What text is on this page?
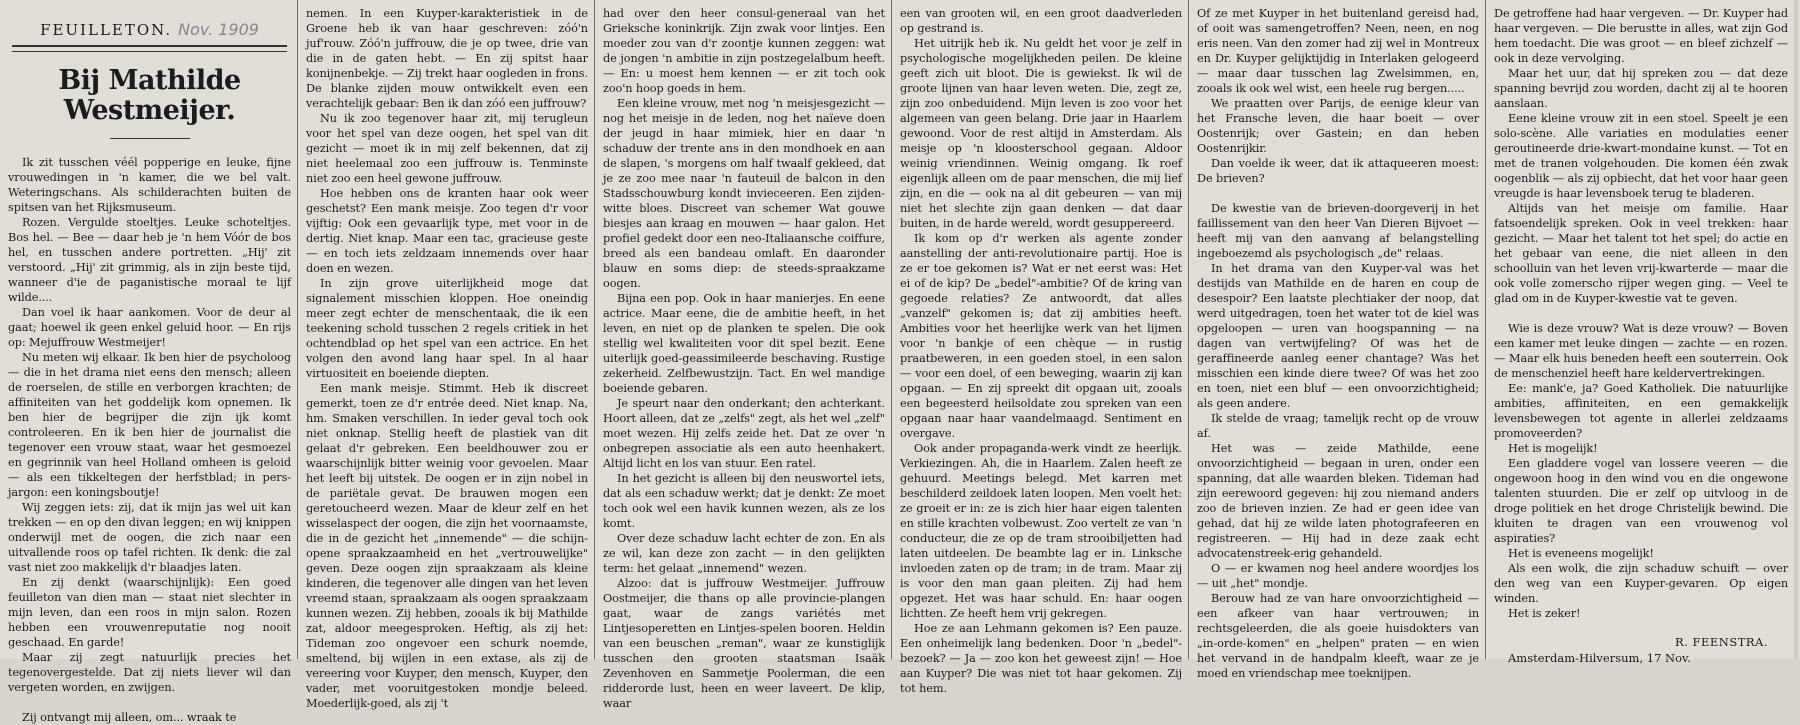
FEUILLETON. Nov. 1909
Bij Mathilde Westmeijer.

Ik zit tusschen véél popperige en leuke, fijne vrouwedingen in 'n kamer, die we bel valt. Weteringschans. Als schilderachten buiten de spitsen van het Rijksmuseum.

Rozen. Vergulde stoeltjes. Leuke schoteltjes. Bos hel. — Bee — daar heb je 'n hem Vóór de bos hel, en tusschen andere portretten. „Hij' zit verstoord. „Hij' zit grimmig, als in zijn beste tijd, wanneer d'ie de paganistische moraal te lijf wilde....

Dan voel ik haar aankomen. Voor de deur al gaat; hoewel ik geen enkel geluid hoor. — En rijs op: Mejuffrouw Westmeijer!

Nu meten wij elkaar. Ik ben hier de psycholoog — die in het drama niet eens den mensch; alleen de roerselen, de stille en verborgen krachten; de affiniteiten van het goddelijk kom opnemen. Ik ben hier de begrijper die zijn ijk komt controleeren. En ik ben hier de journalist die tegenover een vrouw staat, waar het gesmoezel en gegrinnik van heel Holland omheen is geloid — als een tikkeltegen der herfstblad; in pers-jargon: een koningsboutje!

Wij zeggen iets: zij, dat ik mijn jas wel uit kan trekken — en op den divan leggen; en wij knippen onderwijl met de oogen, die zich naar een uitvallende roos op tafel richten. Ik denk: die zal vast niet zoo makkelijk d'r blaadjes laten.

En zij denkt (waarschijnlijk): Een goed feuilleton van dien man — staat niet slechter in mijn leven, dan een roos in mijn salon. Rozen hebben een vrouwenreputatie nog nooit geschaad. En garde!

Maar zij zegt natuurlijk precies het tegenovergestelde. Dat zij niets liever wil dan vergeten worden, en zwijgen.

Zij ontvangt mij alleen, om... wraak te

nemen. In een Kuyper-karakteristiek in de Groene heb ik van haar geschreven: zóó'n juf'rouw. Zóó'n juffrouw, die je op twee, drie van die in de gaten hebt. — En zij spitst haar konijnenbekje. — Zij trekt haar oogleden in frons. De blanke zijden mouw ontwikkelt even een verachtelijk gebaar: Ben ik dan zóó een juffrouw?

Nu ik zoo tegenover haar zit, mij terugleun voor het spel van deze oogen, het spel van dit gezicht — moet ik in mij zelf bekennen, dat zij niet heelemaal zoo een juffrouw is. Tenminste niet zoo een heel gewone juffrouw.

Hoe hebben ons de kranten haar ook weer geschetst? Een mank meisje. Zoo tegen d'r voor vijftig: Ook een gevaarlijk type, met voor in de dertig. Niet knap. Maar een tac, gracieuse geste — en toch iets zeldzaam innemends over haar doen en wezen.

In zijn grove uiterlijkheid moge dat signalement misschien kloppen. Hoe oneindig meer zegt echter de menschentaak, die ik een teekening schold tusschen 2 regels critiek in het ochtendblad op het spel van een actrice. En het volgen den avond lang haar spel. In al haar virtuositeit en boeiende diepten.

Een mank meisje. Stimmt. Heb ik discreet gemerkt, toen ze d'r entrée deed. Niet knap. Na, hm. Smaken verschillen. In ieder geval toch ook niet onknap. Stellig heeft de plastiek van dit gelaat d'r gebreken. Een beeldhouwer zou er waarschijnlijk bitter weinig voor gevoelen. Maar het leeft bij uitstek. De oogen er in zijn nobel in de pariëtale gevat. De brauwen mogen een geretoucheerd wezen. Maar de kleur zelf en het wisselaspect der oogen, die zijn het voornaamste, die in de gezicht het „innemende" — die schijn-opene spraakzaamheid en het „vertrouwelijke" geven. Deze oogen zijn spraakzaam als kleine kinderen, die tegenover alle dingen van het leven vreemd staan, spraakzaam als oogen spraakzaam kunnen wezen. Zij hebben, zooals ik bij Mathilde zat, aldoor meegesproken. Heftig, als zij het: Tideman zoo ongevoer een schurk noemde, smeltend, bij wijlen in een extase, als zij de vereering voor Kuyper, den mensch, Kuyper, den vader, met vooruitgestoken mondje beleed. Moederlijk-goed, als zij 't

had over den heer consul-generaal van het Grieksche koninkrijk. Zijn zwak voor lintjes. Een moeder zou van d'r zoontje kunnen zeggen: wat de jongen 'n ambitie in zijn postzegelalbum heeft. — En: u moest hem kennen — er zit toch ook zoo'n hoop goeds in hem.

Een kleine vrouw, met nog 'n meisjesgezicht — nog het meisje in de leden, nog het naïeve doen der jeugd in haar mimiek, hier en daar 'n schaduw der trente ans in den mondhoek en aan de slapen, 's morgens om half twaalf gekleed, dat je ze zoo mee naar 'n fauteuil de balcon in den Stadsschouwburg kondt invieceeren. Een zijden-witte bloes. Discreet van schemer Wat gouwe biesjes aan kraag en mouwen — haar galon. Het profiel gedekt door een neo-Italiaansche coiffure, breed als een bandeau omlaft. En daaronder blauw en soms diep: de steeds-spraakzame oogen.

Bijna een pop. Ook in haar manierjes. En eene actrice. Maar eene, die de ambitie heeft, in het leven, en niet op de planken te spelen. Die ook stellig wel kwaliteiten voor dit spel bezit. Eene uiterlijk goed-geassimileerde beschaving. Rustige zekerheid. Zelfbewustzijn. Tact. En wel mandige boeiende gebaren.

Je speurt naar den onderkant; den achterkant. Hoort alleen, dat ze „zelfs" zegt, als het wel „zelf" moet wezen. Hij zelfs zeide het. Dat ze over 'n onbegrepen associatie als een auto heenhakert. Altijd licht en los van stuur. Een ratel.

In het gezicht is alleen bij den neuswortel iets, dat als een schaduw werkt; dat je denkt: Ze moet toch ook wel een havik kunnen wezen, als ze los komt.

Over deze schaduw lacht echter de zon. En als ze wil, kan deze zon zacht — in den gelijkten term: het gelaat „innemend" wezen.

Alzoo: dat is juffrouw Westmeijer. Juffrouw Oostmeijer, die thans op alle provincie-plangen gaat, waar de zangs variétés met Lintjesoperetten en Lintjes-spelen booren. Heldin van een beuschen „reman", waar ze kunstiglijk tusschen den grooten staatsman Isaäk Zevenhoven en Sammetje Poolerman, die een ridderorde lust, heen en weer laveert. De klip, waar

een van grooten wil, en een groot daadverleden op gestrand is.

Het uitrijk heb ik. Nu geldt het voor je zelf in psychologische mogelijkheden peilen. De kleine geeft zich uit bloot. Die is gewiekst. Ik wil de groote lijnen van haar leven weten. Die, zegt ze, zijn zoo onbeduidend. Mijn leven is zoo voor het algemeen van geen belang. Drie jaar in Haarlem gewoond. Voor de rest altijd in Amsterdam. Als meisje op 'n kloosterschool gegaan. Aldoor weinig vriendinnen. Weinig omgang. Ik roef eigenlijk alleen om de paar menschen, die mij lief zijn, en die — ook na al dit gebeuren — van mij niet het slechte zijn gaan denken — dat daar buiten, in de harde wereld, wordt gesuppereerd.

Ik kom op d'r werken als agente zonder aanstelling der anti-revolutionaire partij. Hoe is ze er toe gekomen is? Wat er net eerst was: Het ei of de kip? De „bedel"-ambitie? Of de kring van gegoede relaties? Ze antwoordt, dat alles „vanzelf" gekomen is; dat zij ambities heeft. Ambities voor het heerlijke werk van het lijmen voor 'n bankje of een chèque — in rustig praatbeweren, in een goeden stoel, in een salon — voor een doel, of een beweging, waarin zij kan opgaan. — En zij spreekt dit opgaan uit, zooals een begeesterd heilsoldate zou spreken van een opgaan naar haar vaandelmaagd. Sentiment en overgave.

Ook ander propaganda-werk vindt ze heerlijk. Verkiezingen. Ah, die in Haarlem. Zalen heeft ze gehuurd. Meetings belegd. Met karren met beschilderd zeildoek laten loopen. Men voelt het: ze groeit er in: ze is zich hier haar eigen talenten en stille krachten volbewust. Zoo vertelt ze van 'n conducteur, die ze op de tram strooibiljetten had laten uitdeelen. De beambte lag er in. Linksche invloeden zaten op de tram; in de tram. Maar zij is voor den man gaan pleiten. Zij had hem opgezet. Het was haar schuld. En: haar oogen lichtten. Ze heeft hem vrij gekregen.

Hoe ze aan Lehmann gekomen is? Een pauze. Een onheimelijk lang bedenken. Door 'n „bedel"-bezoek? — Ja — zoo kon het geweest zijn! — Hoe aan Kuyper? Die was niet tot haar gekomen. Zij tot hem.

Of ze met Kuyper in het buitenland gereisd had, of ooit was samengetroffen? Neen, neen, en nog eris neen. Van den zomer had zij wel in Montreux en Dr. Kuyper gelijktijdig in Interlaken gelogeerd — maar daar tusschen lag Zwelsimmen, en, zooals ik ook wel wist, een heele rug bergen.....

We praatten over Parijs, de eenige kleur van het Fransche leven, die haar boeit — over Oostenrijk; over Gastein; en dan heben Oostenrijkir.

Dan voelde ik weer, dat ik attaqueeren moest: De brieven?

De kwestie van de brieven-doorgeverij in het faillissement van den heer Van Dieren Bijvoet — heeft mij van den aanvang af belangstelling ingeboezemd als psychologisch „de" relaas.

In het drama van den Kuyper-val was het destijds van Mathilde en de haren en coup de desespoir? Een laatste plechtiaker der noop, dat werd uitgedragen, toen het water tot de kiel was opgeloopen — uren van hoogspanning — na dagen van vertwijfeling? Of was het de geraffineerde aanleg eener chantage? Was het misschien een kinde diere twee? Of was het zoo en toen, niet een bluf — een onvoorzichtigheid; als geen andere.

Ik stelde de vraag; tamelijk recht op de vrouw af.

Het was — zeide Mathilde, eene onvoorzichtigheid — begaan in uren, onder een spanning, dat alle waarden bleken. Tideman had zijn eerewoord gegeven: hij zou niemand anders zoo de brieven inzien. Ze had er geen idee van gehad, dat hij ze wilde laten photografeeren en registreeren. — Hij had in deze zaak echt advocatenstreek-erig gehandeld.

O — er kwamen nog heel andere woordjes los — uit „het" mondje.

Berouw had ze van hare onvoorzichtigheid — een afkeer van haar vertrouwen; in rechtsgeleerden, die als goeie huisdokters van „in-orde-komen" en „helpen" praten — en wien het vervand in de handpalm kleeft, waar ze je moed en vriendschap mee toeknijpen.

De getroffene had haar vergeven. — Dr. Kuyper had haar vergeven. — Die berustte in alles, wat zijn God hem toedacht. Die was groot — en bleef zichzelf — ook in deze vervolging.

Maar het uur, dat hij spreken zou — dat deze spanning bevrijd zou worden, dacht zij al te hooren aanslaan.

Eene kleine vrouw zit in een stoel. Speelt je een solo-scène. Alle variaties en modulaties eener geroutineerde drie-kwart-mondaine kunst. — Tot en met de tranen volgehouden. Die komen één zwak oogenblik — als zij opbiecht, dat het voor haar geen vreugde is haar levensboek terug te bladeren.

Altijds van het meisje om familie. Haar fatsoendelijk spreken. Ook in veel trekken: haar gezicht. — Maar het talent tot het spel; do actie en het gebaar van eene, die niet alleen in den schoolluin van het leven vrij-kwarterde — maar die ook volle zomerscho rijper wegen ging. — Veel te glad om in de Kuyper-kwestie vat te geven.

Wie is deze vrouw? Wat is deze vrouw? — Boven een kamer met leuke dingen — zachte — en rozen. — Maar elk huis beneden heeft een souterrein. Ook de menschenziel heeft hare keldervertrekingen.

Ee: mank'e, ja? Goed Katholiek. Die natuurlijke ambities, affiniteiten, en een gemakkelijk levensbewegen tot agente in allerlei zeldzaams promoveerden?

Het is mogelijk!

Een gladdere vogel van lossere veeren — die ongewoon hoog in den wind vou en die ongewone talenten stuurden. Die er zelf op uitvloog in de droge politiek en het droge Christelijk bewind. Die kluiten te dragen van een vrouwenog vol aspiraties?

Het is eveneens mogelijk!

Als een wolk, die zijn schaduw schuift — over den weg van een Kuyper-gevaren. Op eigen winden.

Het is zeker!

R. FEENSTRA.
Amsterdam-Hilversum, 17 Nov.
